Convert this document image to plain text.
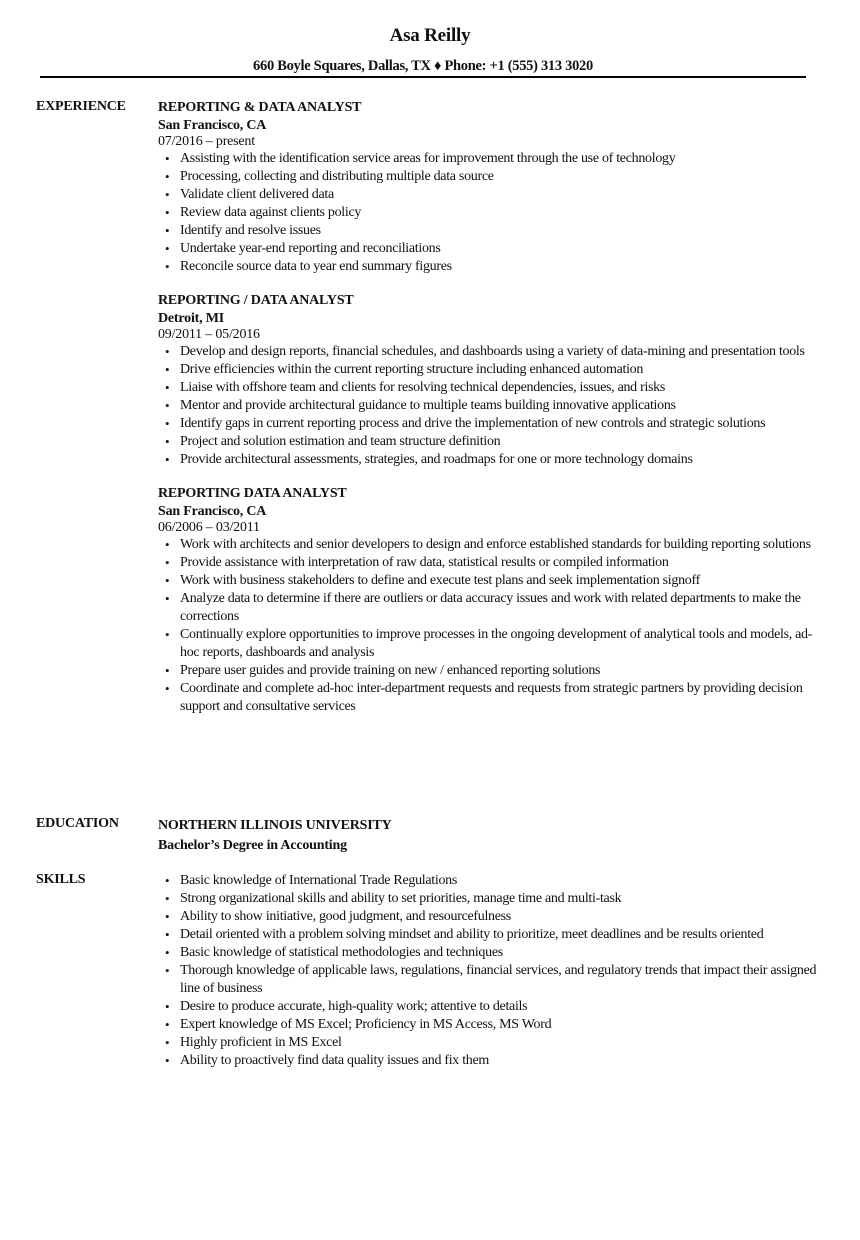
Asa Reilly
660 Boyle Squares, Dallas, TX ♦ Phone: +1 (555) 313 3020
EXPERIENCE REPORTING & DATA ANALYST
San Francisco, CA
07/2016 – present
• Assisting with the identification service areas for improvement through the use of technology
• Processing, collecting and distributing multiple data source
• Validate client delivered data
• Review data against clients policy
• Identify and resolve issues
• Undertake year-end reporting and reconciliations
• Reconcile source data to year end summary figures
REPORTING / DATA ANALYST
Detroit, MI
09/2011 – 05/2016
• Develop and design reports, financial schedules, and dashboards using a variety of data-mining and presentation tools
• Drive efficiencies within the current reporting structure including enhanced automation
• Liaise with offshore team and clients for resolving technical dependencies, issues, and risks
• Mentor and provide architectural guidance to multiple teams building innovative applications
• Identify gaps in current reporting process and drive the implementation of new controls and strategic solutions
• Project and solution estimation and team structure definition
• Provide architectural assessments, strategies, and roadmaps for one or more technology domains
REPORTING DATA ANALYST
San Francisco, CA
06/2006 – 03/2011
• Work with architects and senior developers to design and enforce established standards for building reporting solutions
• Provide assistance with interpretation of raw data, statistical results or compiled information
• Work with business stakeholders to define and execute test plans and seek implementation signoff
• Analyze data to determine if there are outliers or data accuracy issues and work with related departments to make the corrections
• Continually explore opportunities to improve processes in the ongoing development of analytical tools and models, ad-hoc reports, dashboards and analysis
• Prepare user guides and provide training on new / enhanced reporting solutions
• Coordinate and complete ad-hoc inter-department requests and requests from strategic partners by providing decision support and consultative services
EDUCATION	NORTHERN ILLINOIS UNIVERSITY
Bachelor’s Degree in Accounting
SKILLS	• Basic knowledge of International Trade Regulations
• Strong organizational skills and ability to set priorities, manage time and multi-task
• Ability to show initiative, good judgment, and resourcefulness
• Detail oriented with a problem solving mindset and ability to prioritize, meet deadlines and be results oriented
• Basic knowledge of statistical methodologies and techniques
• Thorough knowledge of applicable laws, regulations, financial services, and regulatory trends that impact their assigned line of business
• Desire to produce accurate, high-quality work; attentive to details
• Expert knowledge of MS Excel; Proficiency in MS Access, MS Word
• Highly proficient in MS Excel
• Ability to proactively find data quality issues and fix them
